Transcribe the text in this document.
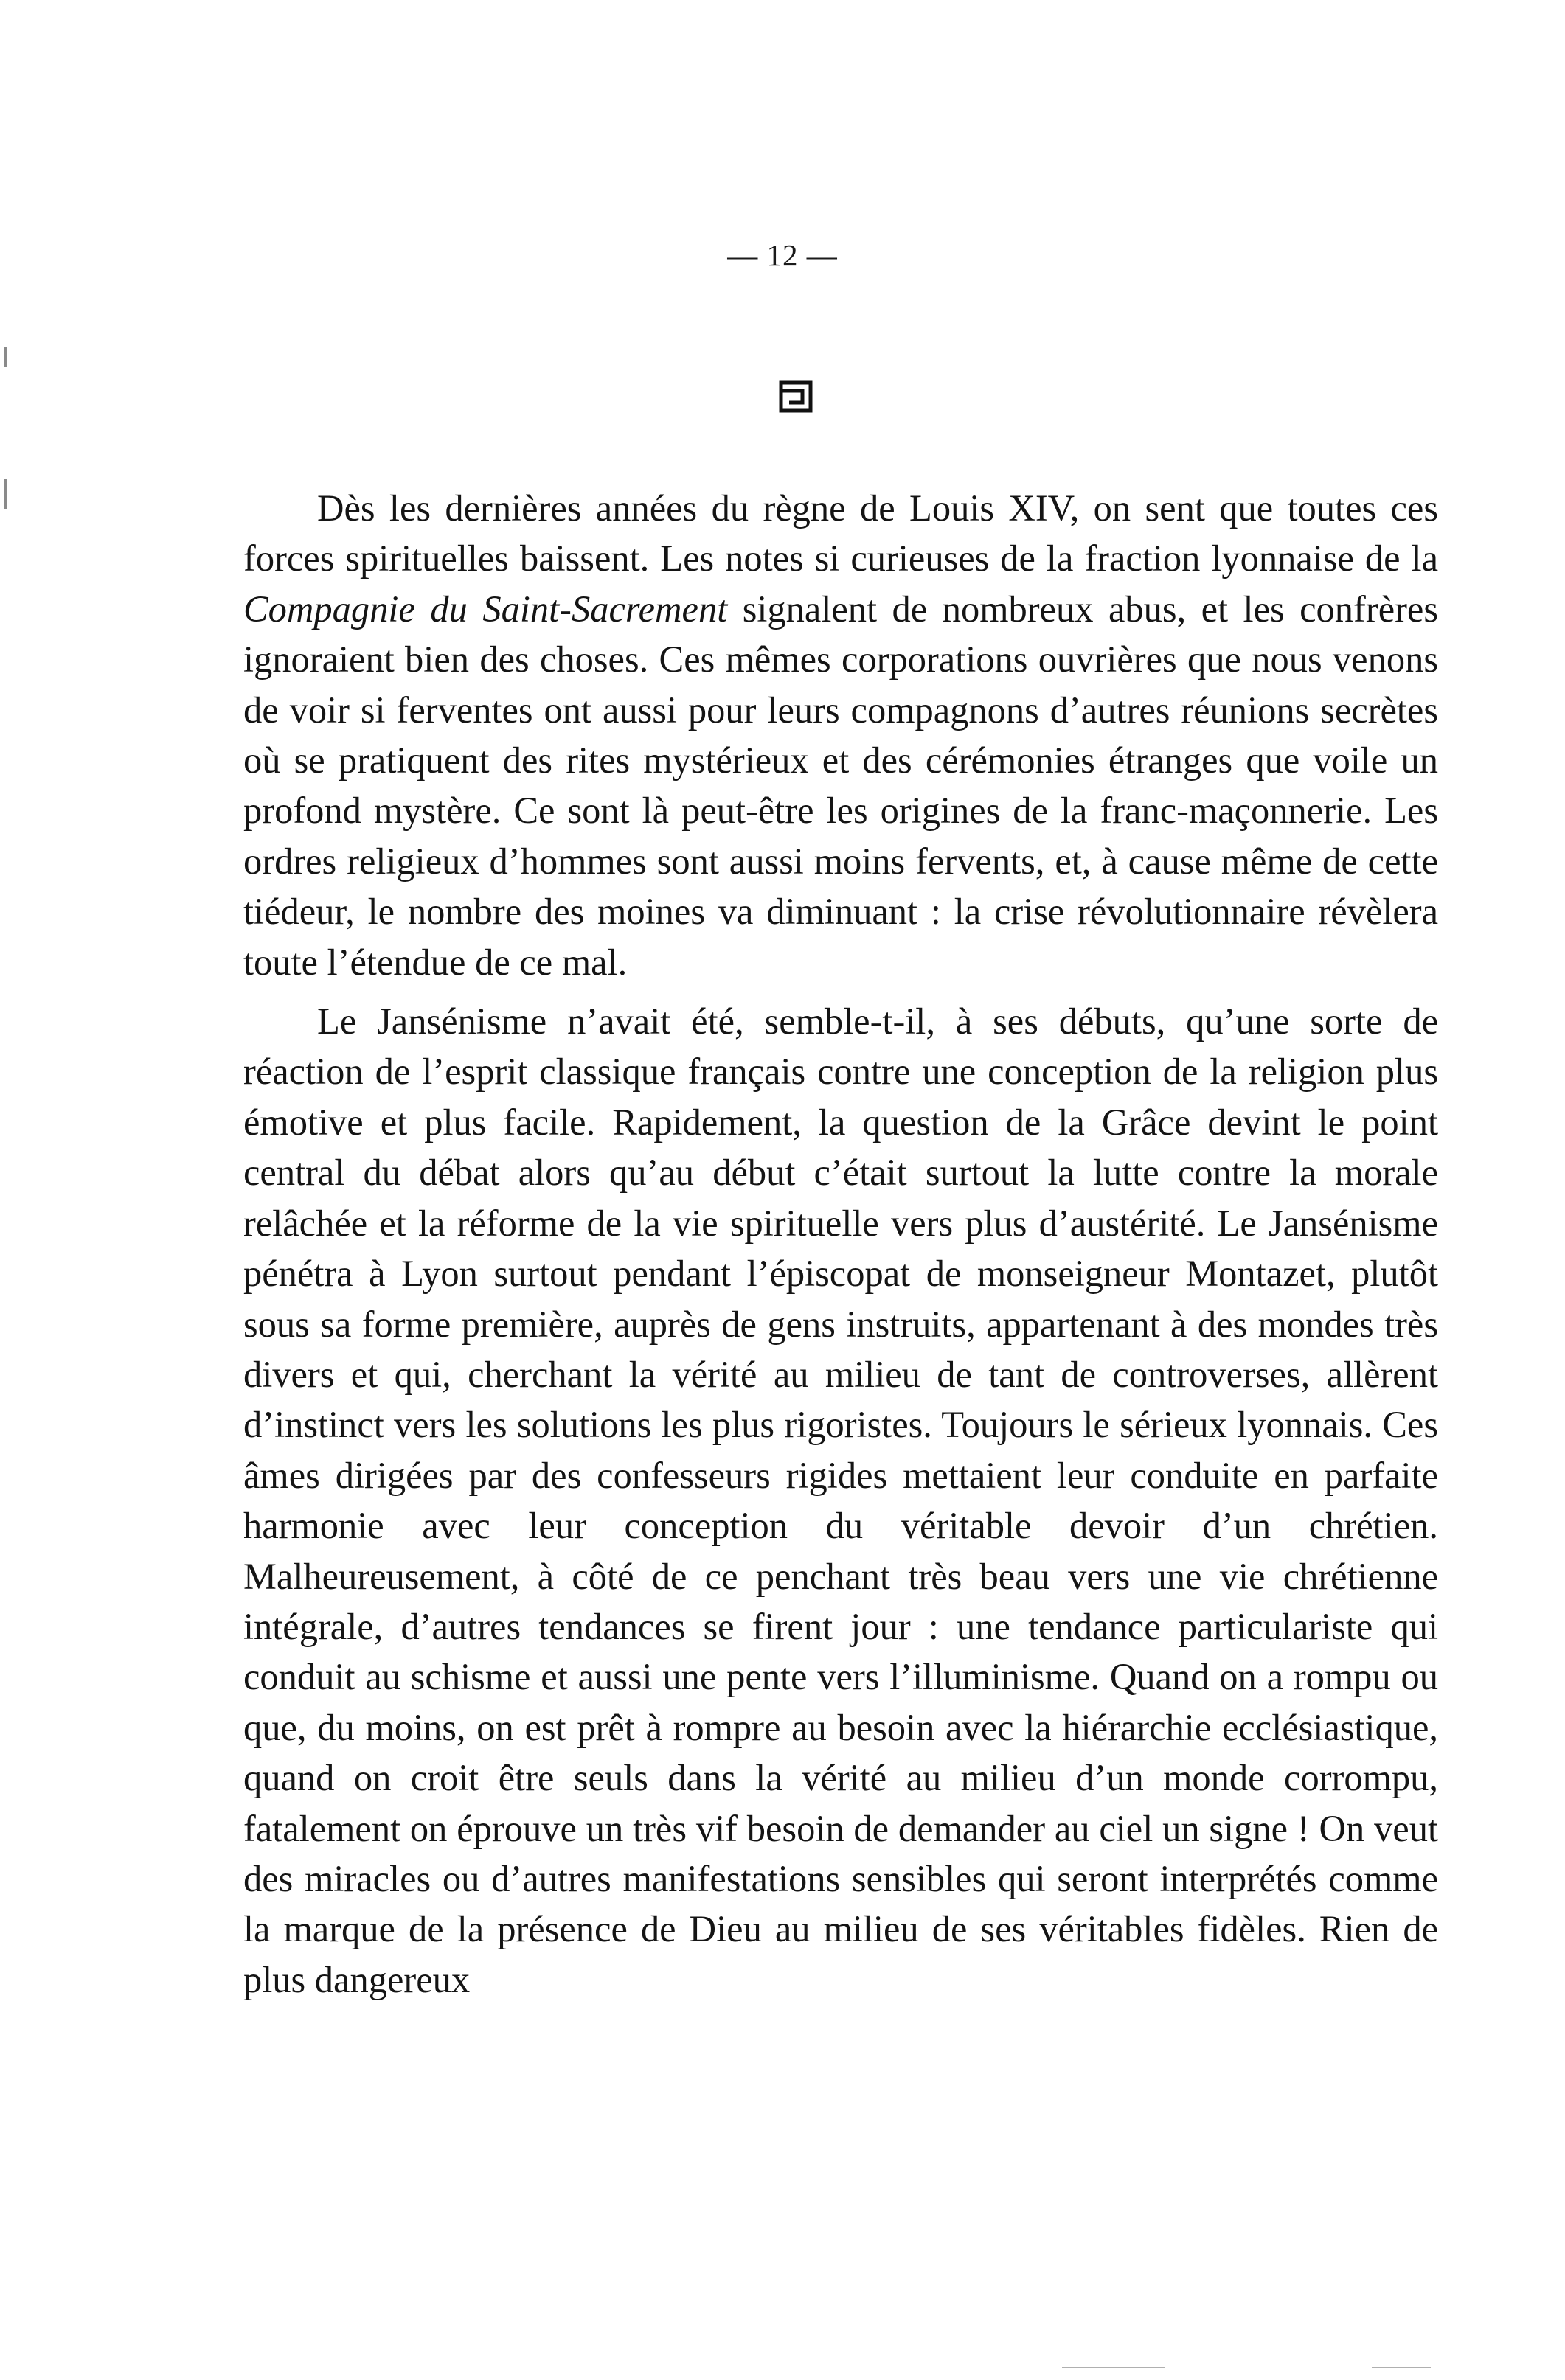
— 12 —

Dès les dernières années du règne de Louis XIV, on sent que toutes ces forces spirituelles baissent. Les notes si curieuses de la fraction lyonnaise de la Compagnie du Saint-Sacrement signalent de nombreux abus, et les confrères ignoraient bien des choses. Ces mêmes corporations ouvrières que nous venons de voir si ferventes ont aussi pour leurs compagnons d’autres réunions secrètes où se pratiquent des rites mystérieux et des cérémonies étranges que voile un profond mystère. Ce sont là peut-être les origines de la franc-maçonnerie. Les ordres religieux d’hommes sont aussi moins fervents, et, à cause même de cette tiédeur, le nombre des moines va diminuant : la crise révolutionnaire révèlera toute l’étendue de ce mal.

Le Jansénisme n’avait été, semble-t-il, à ses débuts, qu’une sorte de réaction de l’esprit classique français contre une conception de la religion plus émotive et plus facile. Rapidement, la question de la Grâce devint le point central du débat alors qu’au début c’était surtout la lutte contre la morale relâchée et la réforme de la vie spirituelle vers plus d’austérité. Le Jansénisme pénétra à Lyon surtout pendant l’épiscopat de monseigneur Montazet, plutôt sous sa forme première, auprès de gens instruits, appartenant à des mondes très divers et qui, cherchant la vérité au milieu de tant de controverses, allèrent d’instinct vers les solutions les plus rigoristes. Toujours le sérieux lyonnais. Ces âmes dirigées par des confesseurs rigides mettaient leur conduite en parfaite harmonie avec leur conception du véritable devoir d’un chrétien. Malheureusement, à côté de ce penchant très beau vers une vie chrétienne intégrale, d’autres tendances se firent jour : une tendance particulariste qui conduit au schisme et aussi une pente vers l’illuminisme. Quand on a rompu ou que, du moins, on est prêt à rompre au besoin avec la hiérarchie ecclésiastique, quand on croit être seuls dans la vérité au milieu d’un monde corrompu, fatalement on éprouve un très vif besoin de demander au ciel un signe ! On veut des miracles ou d’autres manifestations sensibles qui seront interprétés comme la marque de la présence de Dieu au milieu de ses véritables fidèles. Rien de plus dangereux
